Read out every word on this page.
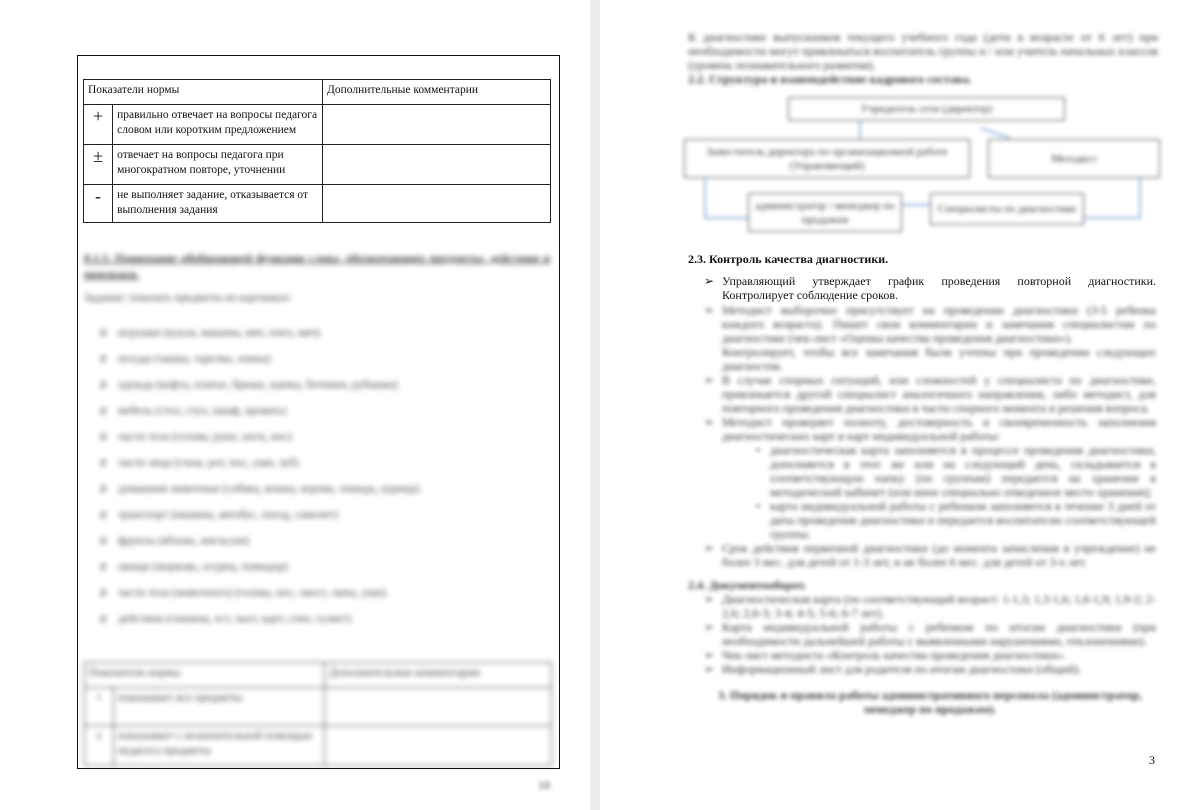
Показатели нормы		Дополнительные комментарии
+	правильно отвечает на вопросы педагога словом или коротким предложением	
±	отвечает на вопросы педагога при многократном повторе, уточнении	
-	не выполняет задание, отказывается от выполнения задания	
8.1.5. Понимание обобщающей функции слова, обозначающих предметы, действия и признаки.
Задание: показать предметы на картинках:
#	игрушки (кукла, машина, мяч, пчел, мяч)
#	посуда (чашка, тарелка, ложка)
#	одежда (кофта, платье, брюки, шапка, ботинки, рубашка)
#	мебель (стол, стул, шкаф, кровать)
#	части тела (голова, руки, ноги, нос)
#	части лица (глаза, рот, нос, уши, зуб)
#	домашние животные (собака, кошка, корова, лошадь, курица)
#	транспорт (машина, автобус, поезд, самолет)
#	фрукты (яблоко, апельсин)
#	овощи (морковь, огурец, помидор)
#	части тела (животного) (голова, нос, хвост, лапы, уши)
#	действия (спишеш, ест, пьет, идет, спит, гуляет)
Показатели нормы		Дополнительные комментарии
+	показывает все предметы	
±	показывает с незначительной помощью педагога предметы	
10
К диагностике выпускников текущего учебного года (дети в возрасте от 6 лет) при необходимости могут привлекаться воспитатель группы и / или учитель начальных классов (уровень познавательного развития).
2.2. Структура и взаимодействие кадрового состава.
Учредитель сети (директор)
Заместитель директора по организационной работе (Управляющий)
Методист
администратор / менеджер по продажам
Специалисты по диагностике
2.3. Контроль качества диагностики.
➢ Управляющий утверждает график проведения повторной диагностики. Контролирует соблюдение сроков.

➢ Методист выборочно присутствует на проведении диагностики (3-5 ребенка каждого возраста). Пишет свои комментарии и замечания специалистам по диагностике (чек-лист «Оценка качества проведения диагностики»).

Контролирует, чтобы все замечания были учтены при проведении следующих диагностик.

➢ В случае спорных ситуаций, или сложностей у специалиста по диагностике, привлекается другой специалист аналогичного направления, либо методист, для повторного проведения диагностики в части спорного момента и решения вопроса.

➢ Методист проверяет полноту, достоверность и своевременность заполнения диагностических карт и карт индивидуальной работы:

• диагностическая карта заполняется в процессе проведения диагностики, дополняется в этот же или на следующий день, складывается в соответствующую папку (по группам) передается на хранение в методический кабинет (или иное специально отведенное место хранения);

• карта индивидуальной работы с ребенком заполняется в течение 3 дней от даты проведения диагностики и передается воспитателю соответствующей группы.

➢ Срок действия первичной диагностики (до момента зачисления в учреждение) не более 3 мес. для детей от 1-3 лет, и не более 6 мес. для детей от 3-х лет.

2.4. Документооборот.

➢ Диагностическая карта (по соответствующий возраст: 1-1,3; 1,3-1,6; 1,6-1,9; 1,9-2; 2-2,6; 2,6-3; 3-4; 4-5; 5-6; 6-7 лет).

➢ Карта индивидуальной работы с ребенком по итогам диагностики (при необходимости дальнейшей работы с выявленными нарушениями, отклонениями).

➢ Чек-лист методиста «Контроль качества проведения диагностики».

➢ Информационный лист для родителя по итогам диагностики (общий).

3. Порядок и правила работы административного персонала (администратор, менеджер по продажам).
3
